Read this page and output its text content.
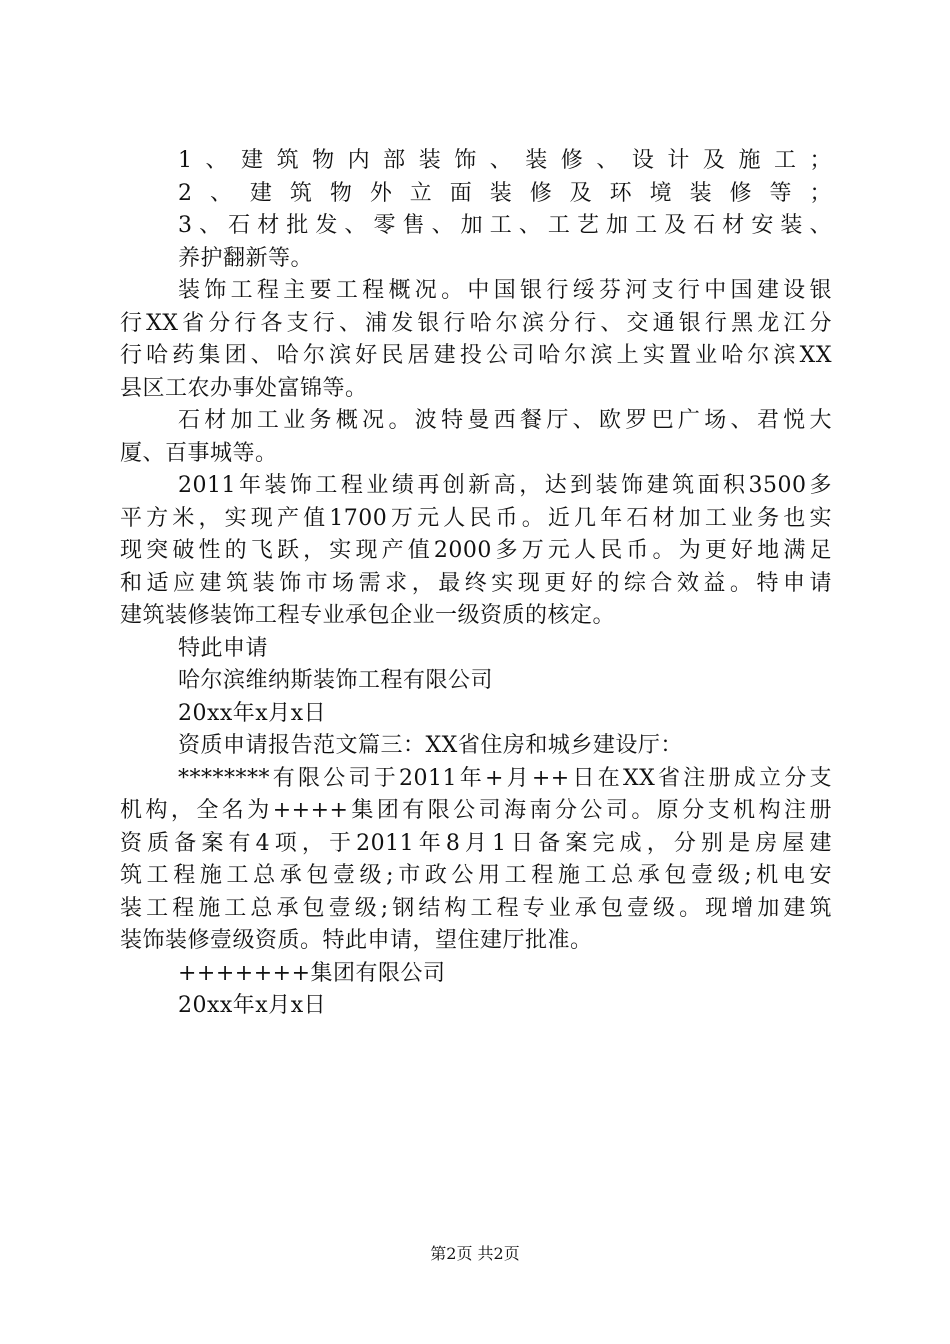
1、建筑物内部装饰、装修、设计及施工；
2、建筑物外立面装修及环境装修等；
3、石材批发、零售、加工、工艺加工及石材安装、
养护翻新等。
装饰工程主要工程概况。中国银行绥芬河支行中国建设银
行XX省分行各支行、浦发银行哈尔滨分行、交通银行黑龙江分
行哈药集团、哈尔滨好民居建投公司哈尔滨上实置业哈尔滨XX
县区工农办事处富锦等。
石材加工业务概况。波特曼西餐厅、欧罗巴广场、君悦大
厦、百事城等。
2011年装饰工程业绩再创新高，达到装饰建筑面积3500多
平方米，实现产值1700万元人民币。近几年石材加工业务也实
现突破性的飞跃，实现产值2000多万元人民币。为更好地满足
和适应建筑装饰市场需求，最终实现更好的综合效益。特申请
建筑装修装饰工程专业承包企业一级资质的核定。
特此申请
哈尔滨维纳斯装饰工程有限公司
20xx年x月x日
资质申请报告范文篇三：XX省住房和城乡建设厅：
********有限公司于2011年+月++日在XX省注册成立分支
机构，全名为++++集团有限公司海南分公司。原分支机构注册
资质备案有4项，于2011年8月1日备案完成，分别是房屋建
筑工程施工总承包壹级;市政公用工程施工总承包壹级;机电安
装工程施工总承包壹级;钢结构工程专业承包壹级。现增加建筑
装饰装修壹级资质。特此申请，望住建厅批准。
+++++++集团有限公司
20xx年x月x日
第2页 共2页
